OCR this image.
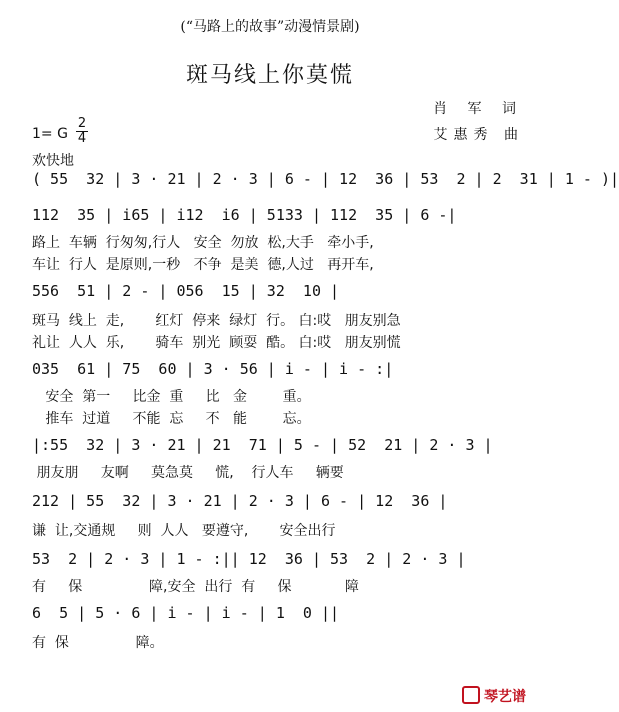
(“马路上的故事”动漫情景剧)
斑马线上你莫慌
肖 军 词
艾惠秀 曲
1= G
2
4
欢快地
( 55  32 | 3 · 21 | 2 · 3 | 6 - | 12  36 | 53  2 | 2  31 | 1 - )|
112  35 | i65 | i12  i6 | 5133 | 112  35 | 6 -|
路上  车辆  行匆匆,行人   安全  勿放  松,大手   牵小手,
车让  行人  是原则,一秒   不争  是美  德,人过   再开车,
556  51 | 2 - | 056  15 | 32  10 |
斑马  线上  走,       红灯  停来  绿灯  行。 白:哎   朋友别急
礼让  人人  乐,       骑车  别光  顾耍  酷。 白:哎   朋友别慌
035  61 | 75  60 | 3 · 56 | i - | i - :|
安全  第一     比金  重     比   金        重。
推车  过道     不能  忘     不   能        忘。
|:55  32 | 3 · 21 | 21  71 | 5 - | 52  21 | 2 · 3 |
朋友朋     友啊     莫急莫     慌,    行人车     辆要
212 | 55  32 | 3 · 21 | 2 · 3 | 6 - | 12  36 |
谦  让,交通规     则  人人   要遵守,       安全出行
53  2 | 2 · 3 | 1 - :|| 12  36 | 53  2 | 2 · 3 |
有     保               障,安全  出行  有     保            障
6  5 | 5 · 6 | i - | i - | 1  0 ||
有  保               障。
琴艺谱
